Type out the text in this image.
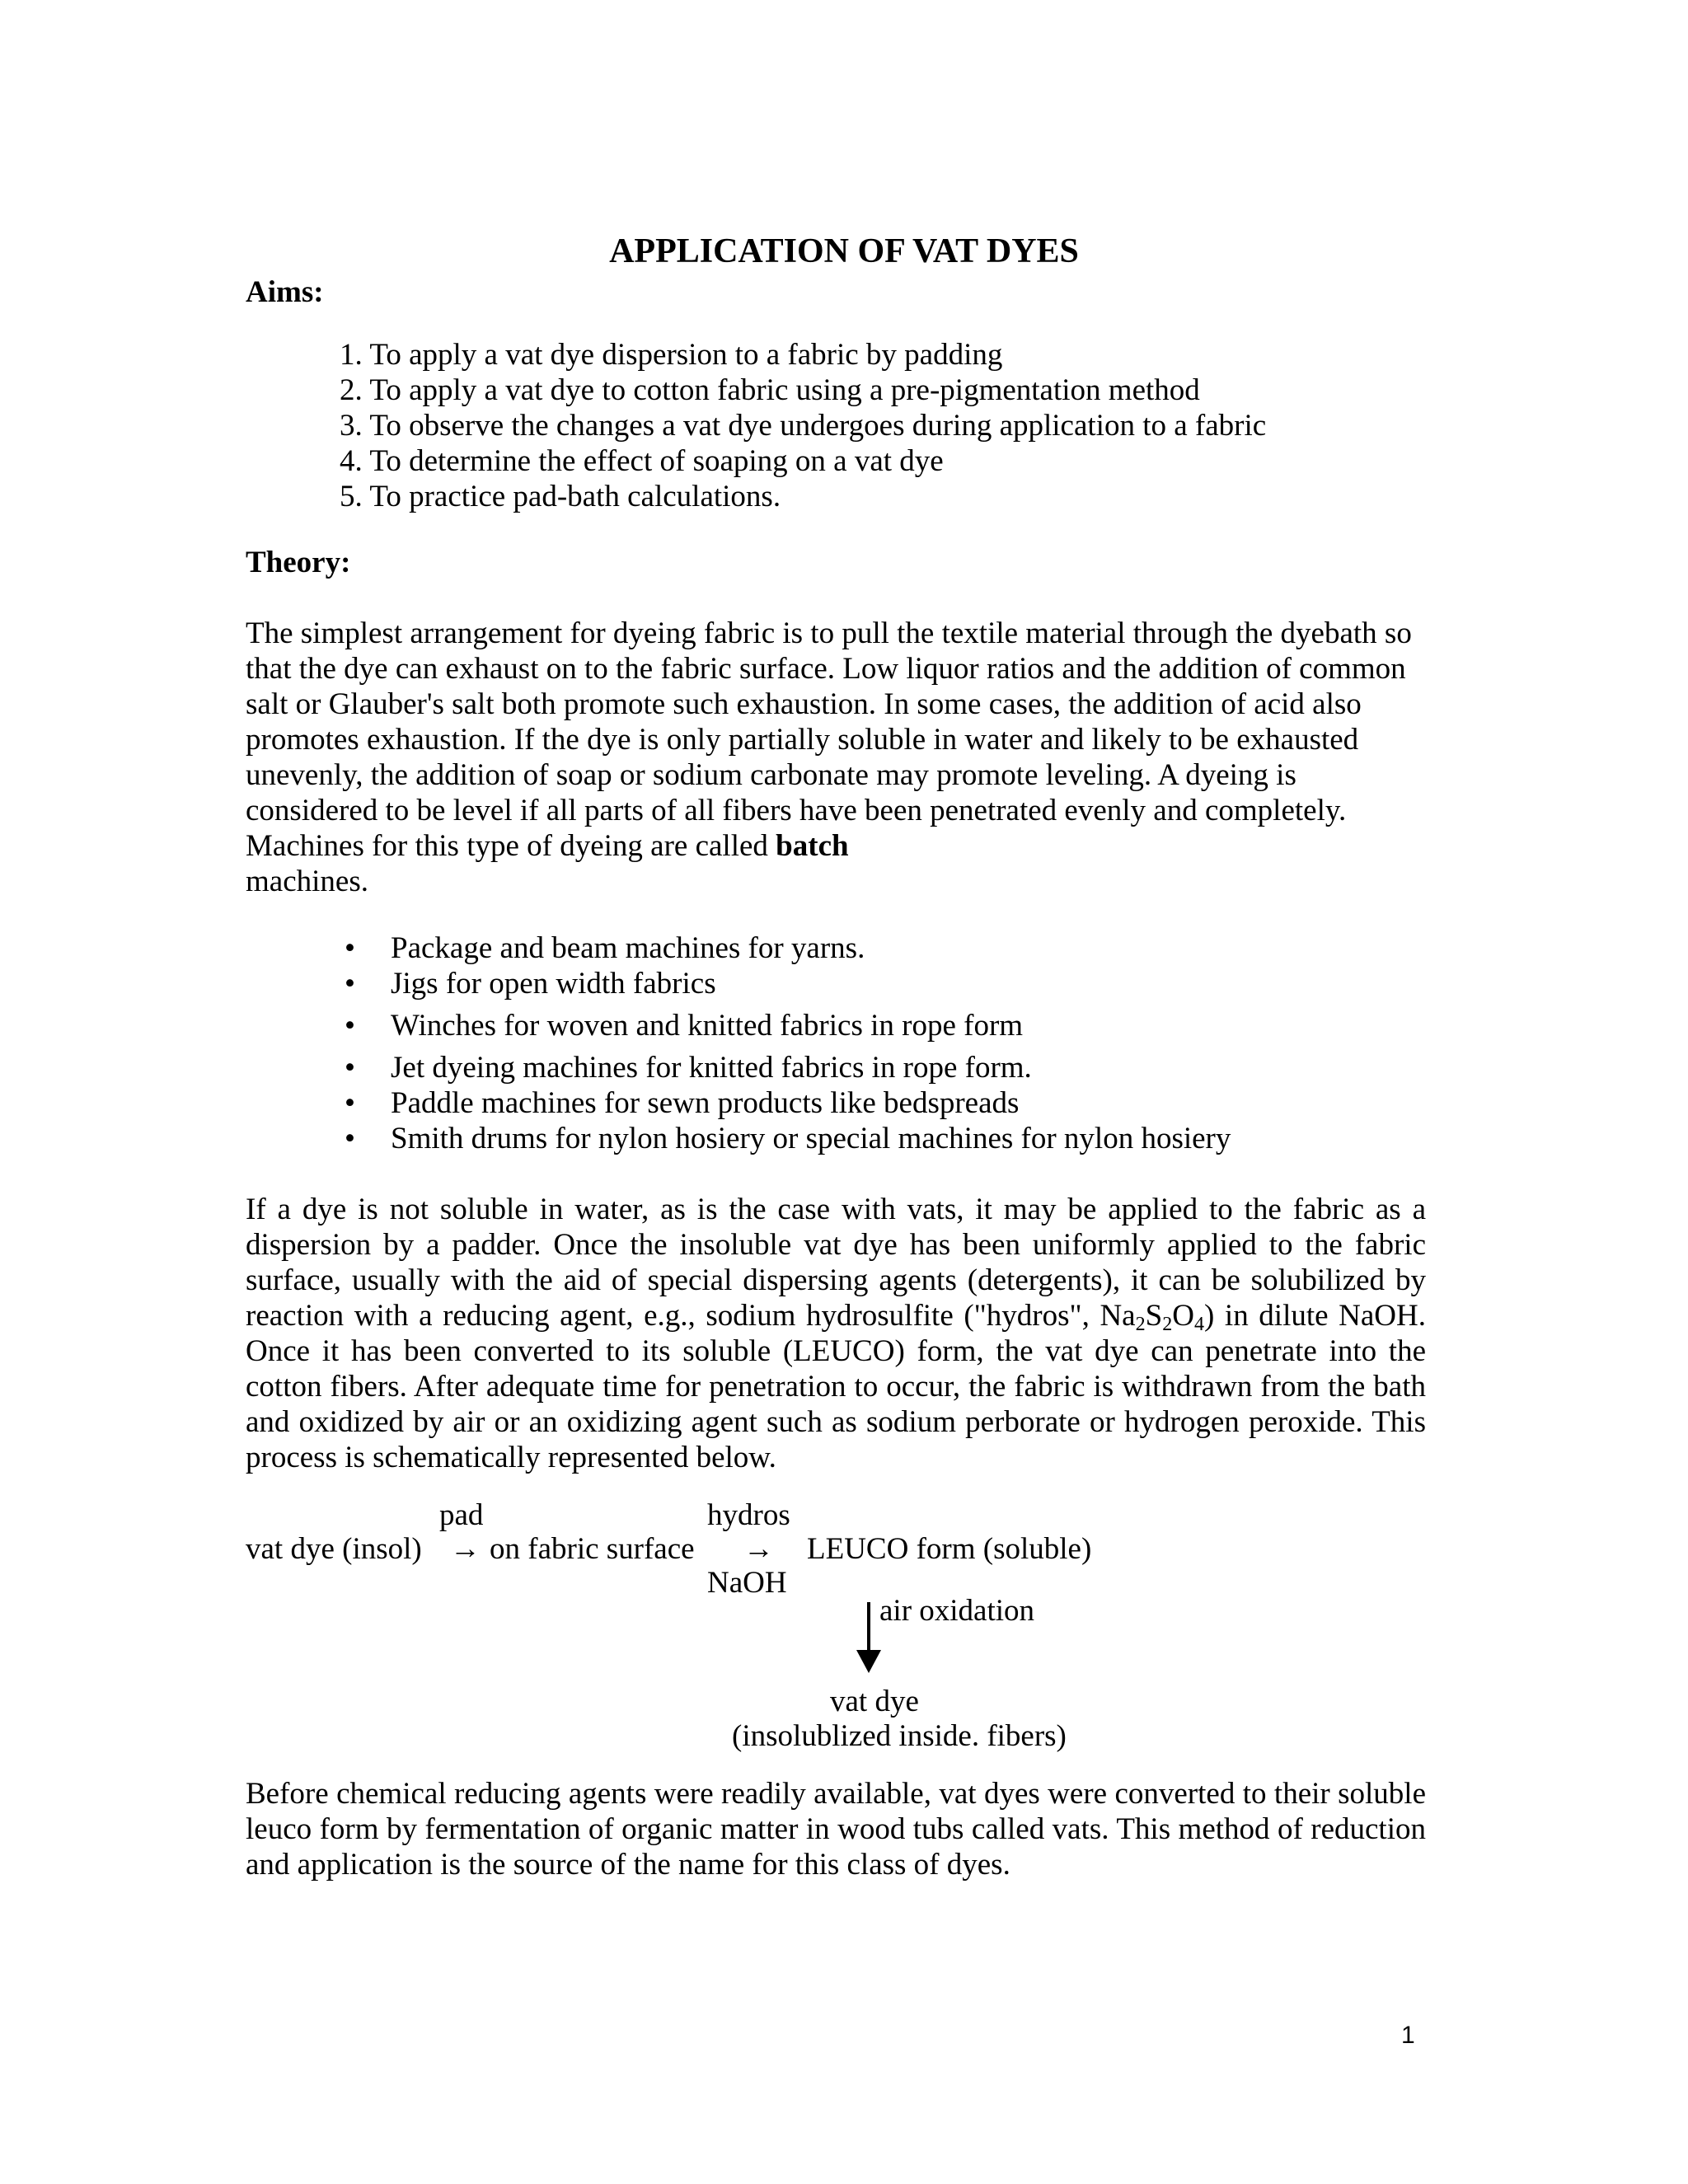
APPLICATION OF VAT DYES
Aims:
1. To apply a vat dye dispersion to a fabric by padding
2. To apply a vat dye to cotton fabric using a pre-pigmentation method
3. To observe the changes a vat dye undergoes during application to a fabric
4. To determine the effect of soaping on a vat dye
5. To practice pad-bath calculations.
Theory:

The simplest arrangement for dyeing fabric is to pull the textile material through the dyebath so that the dye can exhaust on to the fabric surface. Low liquor ratios and the addition of common salt or Glauber's salt both promote such exhaustion. In some cases, the addition of acid also promotes exhaustion. If the dye is only partially soluble in water and likely to be exhausted unevenly, the addition of soap or sodium carbonate may promote leveling. A dyeing is considered to be level if all parts of all fibers have been penetrated evenly and completely. Machines for this type of dyeing are called batch
machines.

• Package and beam machines for yarns.
• Jigs for open width fabrics
• Winches for woven and knitted fabrics in rope form
• Jet dyeing machines for knitted fabrics in rope form.
• Paddle machines for sewn products like bedspreads
• Smith drums for nylon hosiery or special machines for nylon hosiery

If a dye is not soluble in water, as is the case with vats, it may be applied to the fabric as a dispersion by a padder. Once the insoluble vat dye has been uniformly applied to the fabric surface, usually with the aid of special dispersing agents (detergents), it can be solubilized by reaction with a reducing agent, e.g., sodium hydrosulfite ("hydros", $Na_2S_2O_4$) in dilute NaOH. Once it has been converted to its soluble (LEUCO) form, the vat dye can penetrate into the cotton fibers. After adequate time for penetration to occur, the fabric is withdrawn from the bath and oxidized by air or an oxidizing agent such as sodium perborate or hydrogen peroxide. This process is schematically represented below.

pad	hydros
vat dye (insol) → on fabric surface → LEUCO form (soluble)
NaOH
air oxidation
vat dye
(insolublized inside. fibers)

Before chemical reducing agents were readily available, vat dyes were converted to their soluble leuco form by fermentation of organic matter in wood tubs called vats. This method of reduction and application is the source of the name for this class of dyes.

1
